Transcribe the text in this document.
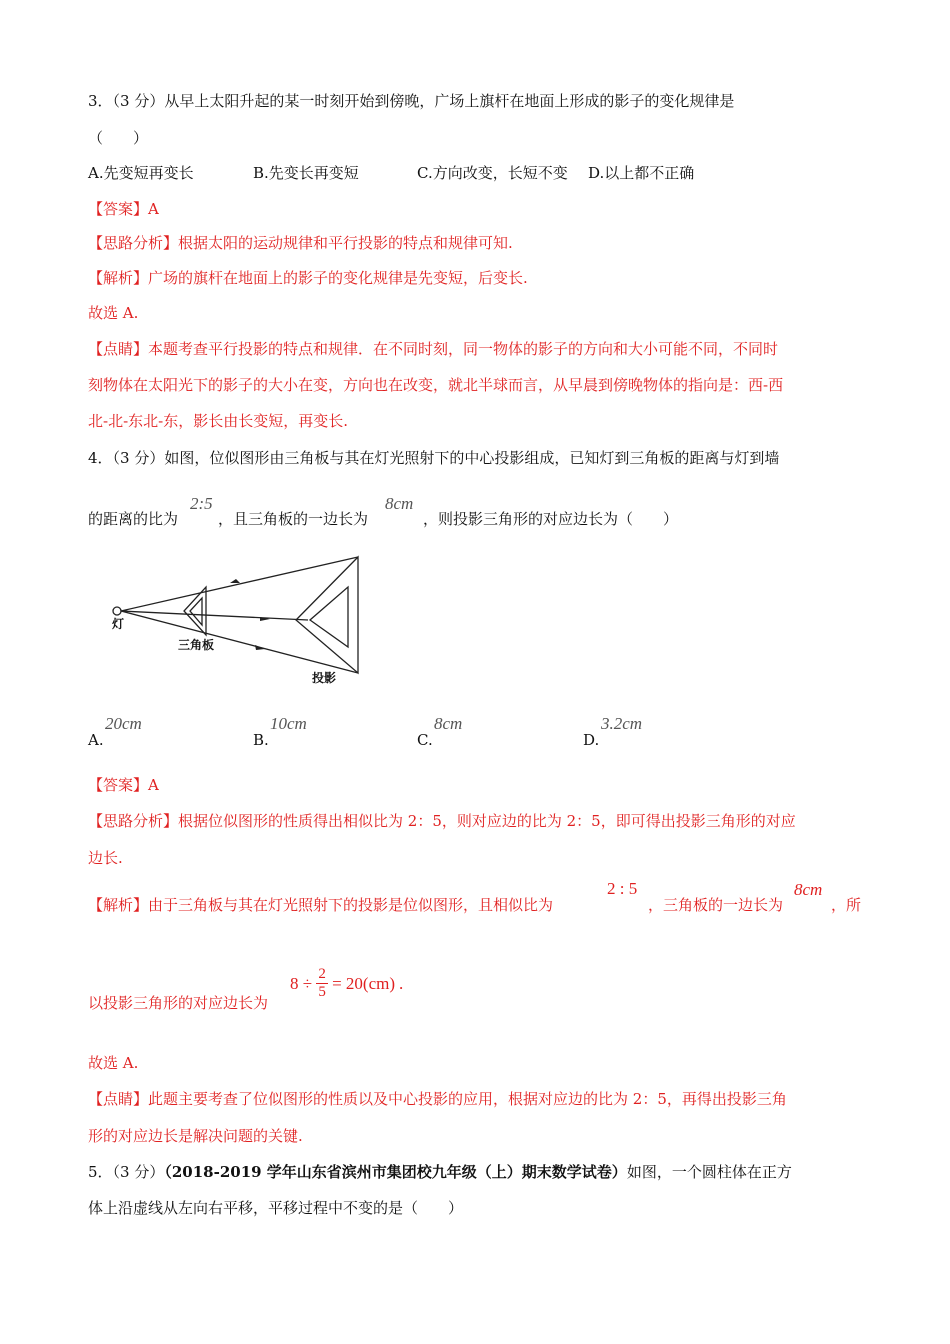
3．（3 分）从早上太阳升起的某一时刻开始到傍晚，广场上旗杆在地面上形成的影子的变化规律是
（　　）
A.先变短再变长	B.先变长再变短	C.方向改变，长短不变 D.以上都不正确
【答案】A
【思路分析】根据太阳的运动规律和平行投影的特点和规律可知.
【解析】广场的旗杆在地面上的影子的变化规律是先变短，后变长.
故选 A.
【点睛】本题考查平行投影的特点和规律．在不同时刻，同一物体的影子的方向和大小可能不同，不同时
刻物体在太阳光下的影子的大小在变，方向也在改变，就北半球而言，从早晨到傍晚物体的指向是：西-西
北-北-东北-东，影长由长变短，再变长.
4．（3 分）如图，位似图形由三角板与其在灯光照射下的中心投影组成，已知灯到三角板的距离与灯到墙
的距离的比为
2:5
，且三角板的一边长为
8cm
，则投影三角形的对应边长为（　　）
灯
三角板
投影
A.
20cm
B.
10cm
C.
8cm
D.
3.2cm
【答案】A
【思路分析】根据位似图形的性质得出相似比为 2：5，则对应边的比为 2：5，即可得出投影三角形的对应
边长.
【解析】由于三角板与其在灯光照射下的投影是位似图形，且相似比为
2 : 5
，三角板的一边长为
8cm
，所
以投影三角形的对应边长为
$8 \div \frac{2}{5} = 20(cm)$ .
故选 A.
【点睛】此题主要考查了位似图形的性质以及中心投影的应用，根据对应边的比为 2：5，再得出投影三角
形的对应边长是解决问题的关键.
5．（3 分）（2018-2019 学年山东省滨州市集团校九年级（上）期末数学试卷）如图，一个圆柱体在正方
体上沿虚线从左向右平移，平移过程中不变的是（　　）
